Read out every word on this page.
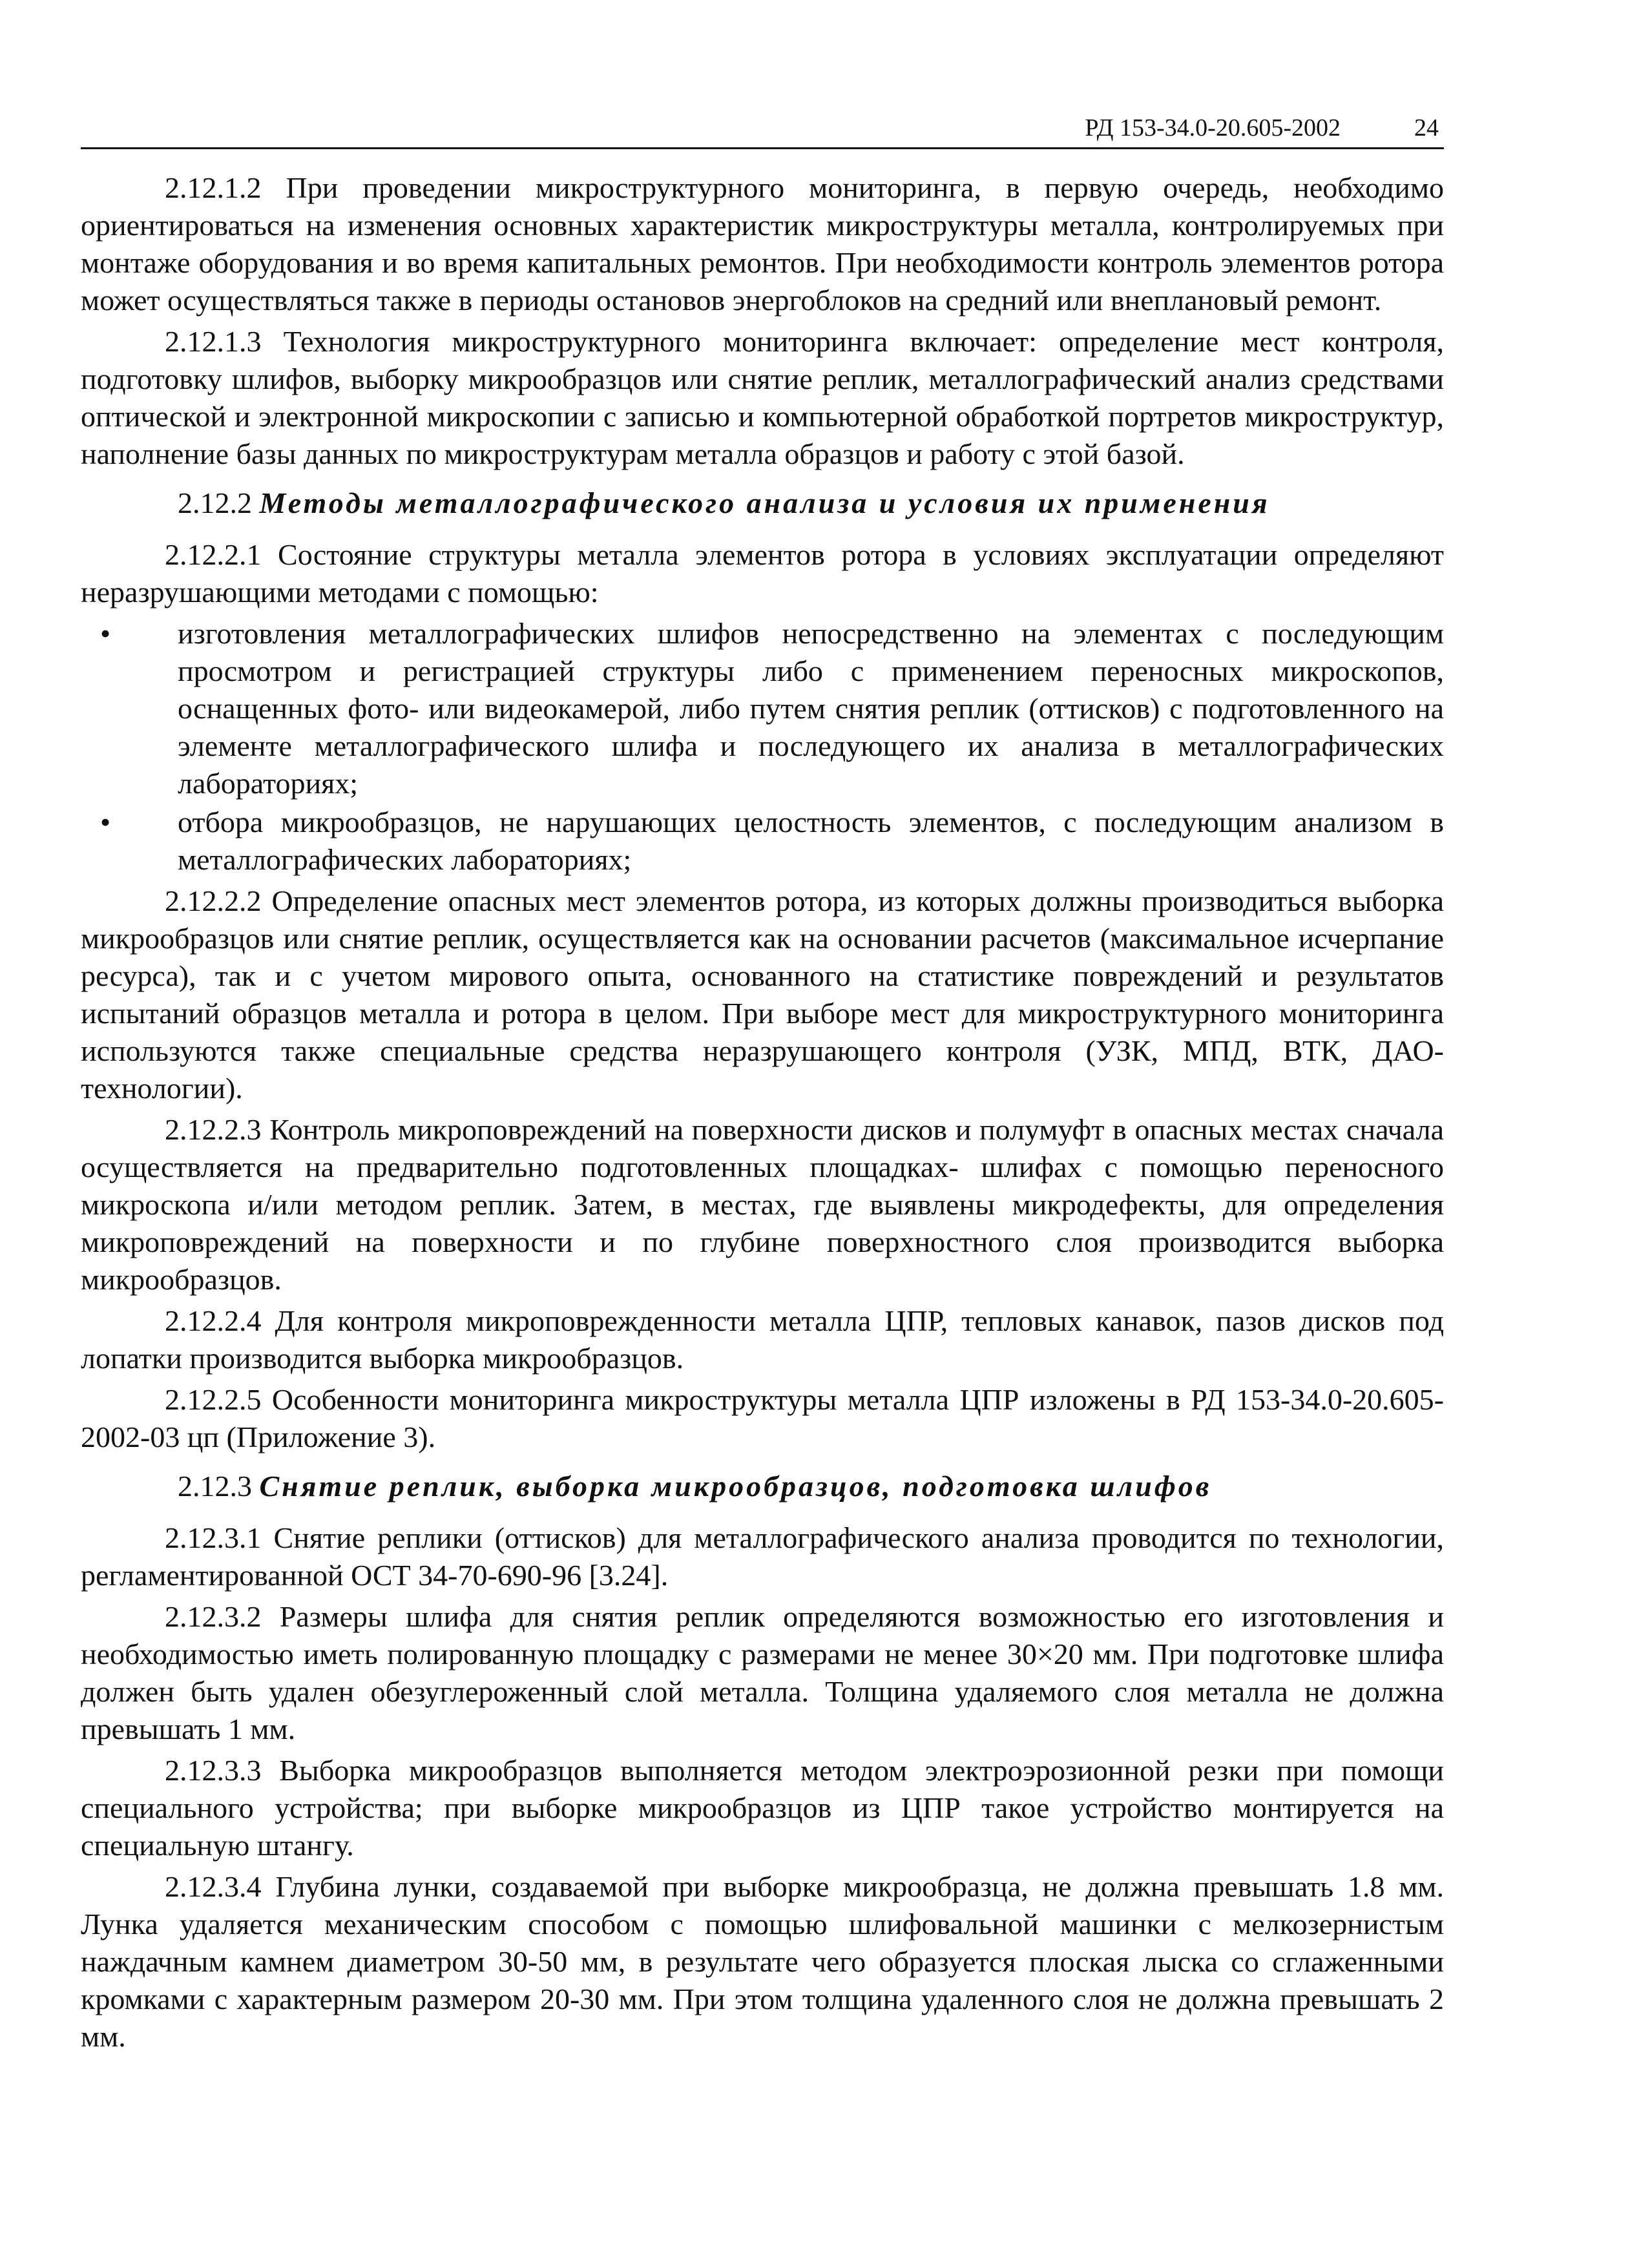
РД 153-34.0-20.605-2002	24

2.12.1.2 При проведении микроструктурного мониторинга, в первую очередь, необходимо ориентироваться на изменения основных характеристик микроструктуры металла, контролируемых при монтаже оборудования и во время капитальных ремонтов. При необходимости контроль элементов ротора может осуществляться также в периоды остановов энергоблоков на средний или внеплановый ремонт.

2.12.1.3 Технология микроструктурного мониторинга включает: определение мест контроля, подготовку шлифов, выборку микрообразцов или снятие реплик, металлографический анализ средствами оптической и электронной микроскопии с записью и компьютерной обработкой портретов микроструктур, наполнение базы данных по микроструктурам металла образцов и работу с этой базой.

2.12.2 Методы металлографического анализа и условия их применения

2.12.2.1 Состояние структуры металла элементов ротора в условиях эксплуатации определяют неразрушающими методами с помощью:

• изготовления металлографических шлифов непосредственно на элементах с последующим просмотром и регистрацией структуры либо с применением переносных микроскопов, оснащенных фото- или видеокамерой, либо путем снятия реплик (оттисков) с подготовленного на элементе металлографического шлифа и последующего их анализа в металлографических лабораториях;
• отбора микрообразцов, не нарушающих целостность элементов, с последующим анализом в металлографических лабораториях;

2.12.2.2 Определение опасных мест элементов ротора, из которых должны производиться выборка микрообразцов или снятие реплик, осуществляется как на основании расчетов (максимальное исчерпание ресурса), так и с учетом мирового опыта, основанного на статистике повреждений и результатов испытаний образцов металла и ротора в целом. При выборе мест для микроструктурного мониторинга используются также специальные средства неразрушающего контроля (УЗК, МПД, ВТК, ДАО-технологии).

2.12.2.3 Контроль микроповреждений на поверхности дисков и полумуфт в опасных местах сначала осуществляется на предварительно подготовленных площадках- шлифах с помощью переносного микроскопа и/или методом реплик. Затем, в местах, где выявлены микродефекты, для определения микроповреждений на поверхности и по глубине поверхностного слоя производится выборка микрообразцов.

2.12.2.4 Для контроля микроповрежденности металла ЦПР, тепловых канавок, пазов дисков под лопатки производится выборка микрообразцов.

2.12.2.5 Особенности мониторинга микроструктуры металла ЦПР изложены в РД 153-34.0-20.605-2002-03 цп (Приложение 3).

2.12.3 Снятие реплик, выборка микрообразцов, подготовка шлифов

2.12.3.1 Снятие реплики (оттисков) для металлографического анализа проводится по технологии, регламентированной ОСТ 34-70-690-96 [3.24].

2.12.3.2 Размеры шлифа для снятия реплик определяются возможностью его изготовления и необходимостью иметь полированную площадку с размерами не менее 30×20 мм. При подготовке шлифа должен быть удален обезуглероженный слой металла. Толщина удаляемого слоя металла не должна превышать 1 мм.

2.12.3.3 Выборка микрообразцов выполняется методом электроэрозионной резки при помощи специального устройства; при выборке микрообразцов из ЦПР такое устройство монтируется на специальную штангу.

2.12.3.4 Глубина лунки, создаваемой при выборке микрообразца, не должна превышать 1.8 мм. Лунка удаляется механическим способом с помощью шлифовальной машинки с мелкозернистым наждачным камнем диаметром 30-50 мм, в результате чего образуется плоская лыска со сглаженными кромками с характерным размером 20-30 мм. При этом толщина удаленного слоя не должна превышать 2 мм.
